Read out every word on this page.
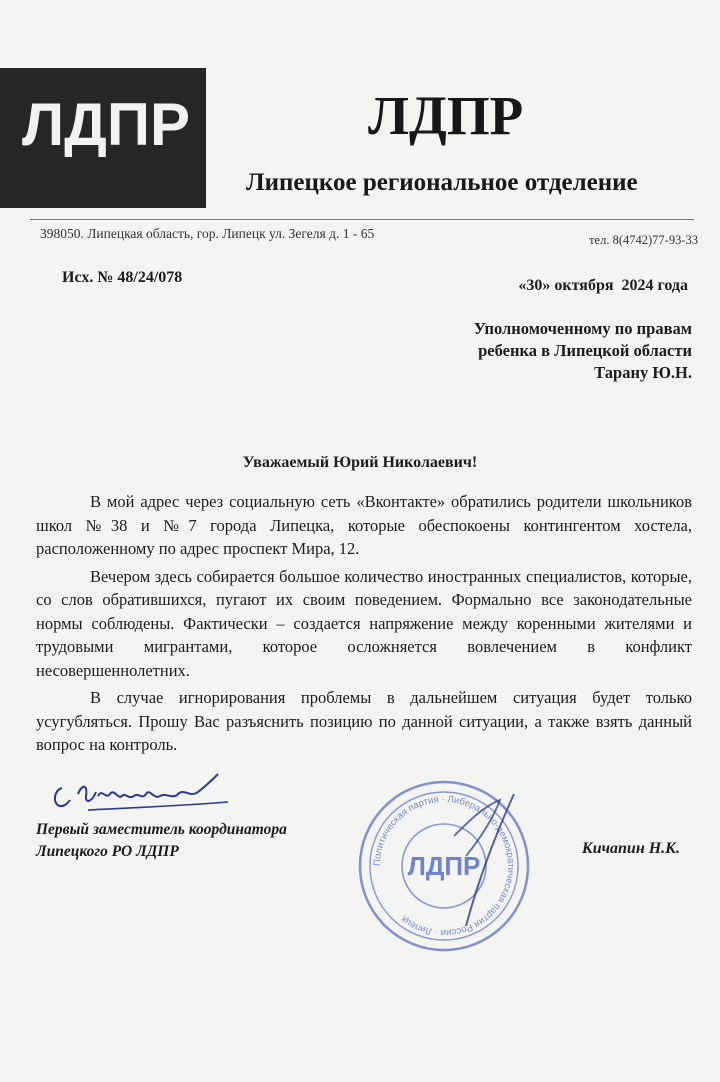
ЛДПР	ЛДПР
Липецкое региональное отделение
398050. Липецкая область, гор. Липецк ул. Зегеля д. 1 - 65	тел. 8(4742)77-93-33
Исх. № 48/24/078	«30» октября  2024 года
Уполномоченному по правам
ребенка в Липецкой области
Тарану Ю.Н.
Уважаемый Юрий Николаевич!

В мой адрес через социальную сеть «Вконтакте» обратились родители школьников школ №38 и №7 города Липецка, которые обеспокоены контингентом хостела, расположенному по адрес проспект Мира, 12.

Вечером здесь собирается большое количество иностранных специалистов, которые, со слов обратившихся, пугают их своим поведением. Формально все законодательные нормы соблюдены. Фактически – создается напряжение между коренными жителями и трудовыми мигрантами, которое осложняется вовлечением в конфликт несовершеннолетних.

В случае игнорирования проблемы в дальнейшем ситуация будет только усугубляться. Прошу Вас разъяснить позицию по данной ситуации, а также взять данный вопрос на контроль.

Политическая партия · Либерально-демократическая партия России · Липецк
ЛДПР
Первый заместитель координатора
Липецкого РО ЛДПР	Кичапин Н.К.
